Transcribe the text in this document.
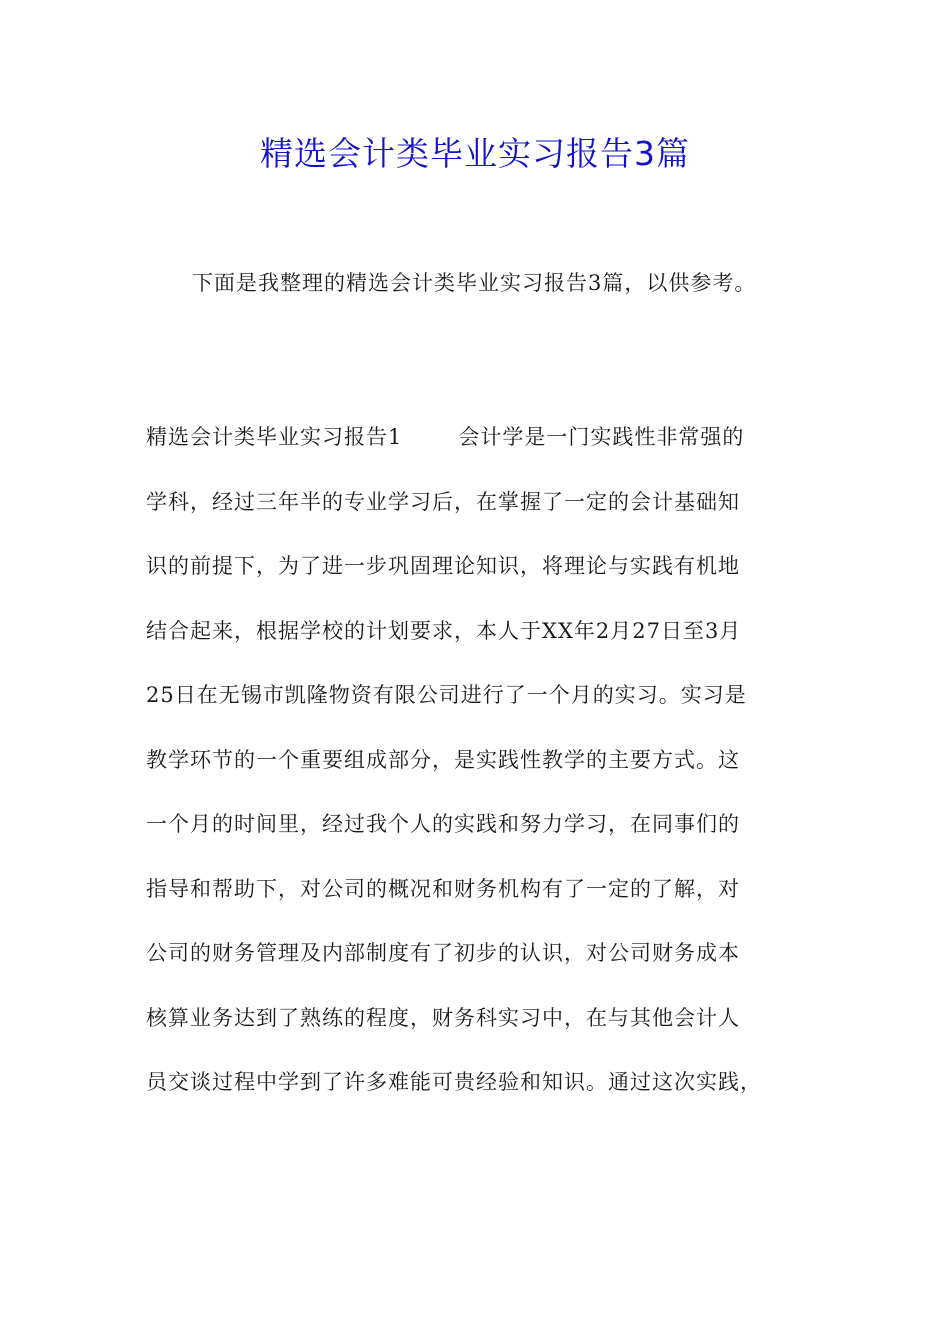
精选会计类毕业实习报告3篇

下面是我整理的精选会计类毕业实习报告3篇，以供参考。

精选会计类毕业实习报告1	会计学是一门实践性非常强的
学科，经过三年半的专业学习后，在掌握了一定的会计基础知
识的前提下，为了进一步巩固理论知识，将理论与实践有机地
结合起来，根据学校的计划要求，本人于XX年2月27日至3月
25日在无锡市凯隆物资有限公司进行了一个月的实习。实习是
教学环节的一个重要组成部分，是实践性教学的主要方式。这
一个月的时间里，经过我个人的实践和努力学习，在同事们的
指导和帮助下，对公司的概况和财务机构有了一定的了解，对
公司的财务管理及内部制度有了初步的认识，对公司财务成本
核算业务达到了熟练的程度，财务科实习中，在与其他会计人
员交谈过程中学到了许多难能可贵经验和知识。通过这次实践，
